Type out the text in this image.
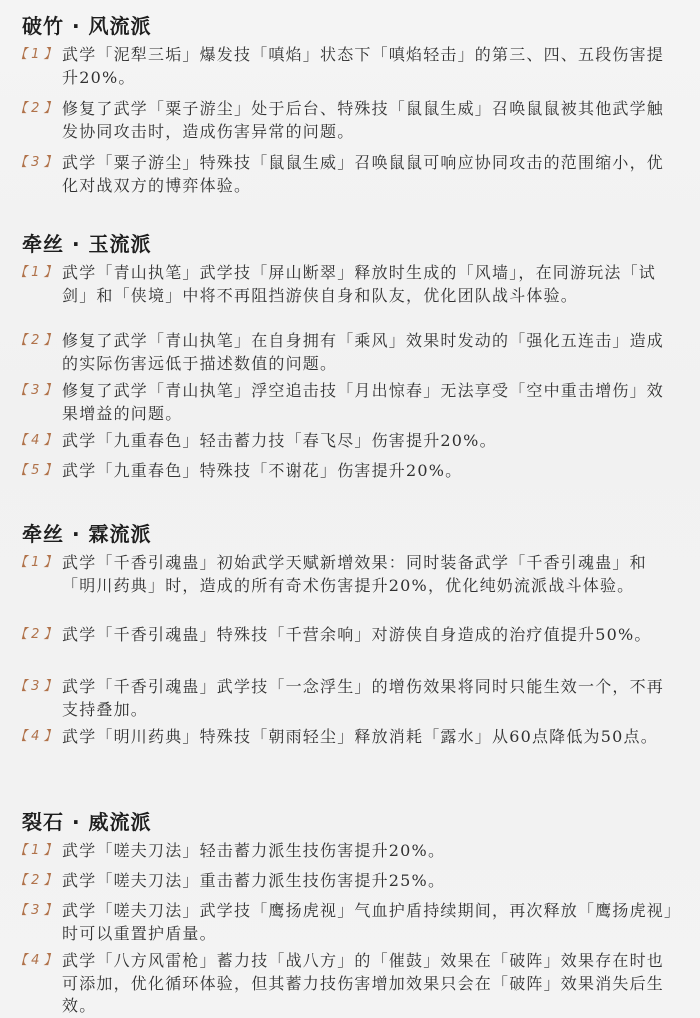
破竹 · 风流派
【 1 】 武学「泥犁三垢」爆发技「嗔焰」状态下「嗔焰轻击」的第三、四、五段伤害提升20%。
【 2 】 修复了武学「粟子游尘」处于后台、特殊技「鼠鼠生威」召唤鼠鼠被其他武学触发协同攻击时，造成伤害异常的问题。
【 3 】 武学「粟子游尘」特殊技「鼠鼠生威」召唤鼠鼠可响应协同攻击的范围缩小，优化对战双方的博弈体验。
牵丝 · 玉流派
【 1 】 武学「青山执笔」武学技「屏山断翠」释放时生成的「风墙」，在同游玩法「试剑」和「侠境」中将不再阻挡游侠自身和队友，优化团队战斗体验。
【 2 】 修复了武学「青山执笔」在自身拥有「乘风」效果时发动的「强化五连击」造成的实际伤害远低于描述数值的问题。
【 3 】 修复了武学「青山执笔」浮空追击技「月出惊春」无法享受「空中重击增伤」效果增益的问题。
【 4 】 武学「九重春色」轻击蓄力技「春飞尽」伤害提升20%。
【 5 】 武学「九重春色」特殊技「不谢花」伤害提升20%。
牵丝 · 霖流派
【 1 】 武学「千香引魂蛊」初始武学天赋新增效果：同时装备武学「千香引魂蛊」和「明川药典」时，造成的所有奇术伤害提升20%，优化纯奶流派战斗体验。
【 2 】 武学「千香引魂蛊」特殊技「千营余响」对游侠自身造成的治疗值提升50%。
【 3 】 武学「千香引魂蛊」武学技「一念浮生」的增伤效果将同时只能生效一个，不再支持叠加。
【 4 】 武学「明川药典」特殊技「朝雨轻尘」释放消耗「露水」从60点降低为50点。
裂石 · 威流派
【 1 】 武学「嗟夫刀法」轻击蓄力派生技伤害提升20%。
【 2 】 武学「嗟夫刀法」重击蓄力派生技伤害提升25%。
【 3 】 武学「嗟夫刀法」武学技「鹰扬虎视」气血护盾持续期间，再次释放「鹰扬虎视」时可以重置护盾量。
【 4 】 武学「八方风雷枪」蓄力技「战八方」的「催鼓」效果在「破阵」效果存在时也可添加，优化循环体验，但其蓄力技伤害增加效果只会在「破阵」效果消失后生效。
